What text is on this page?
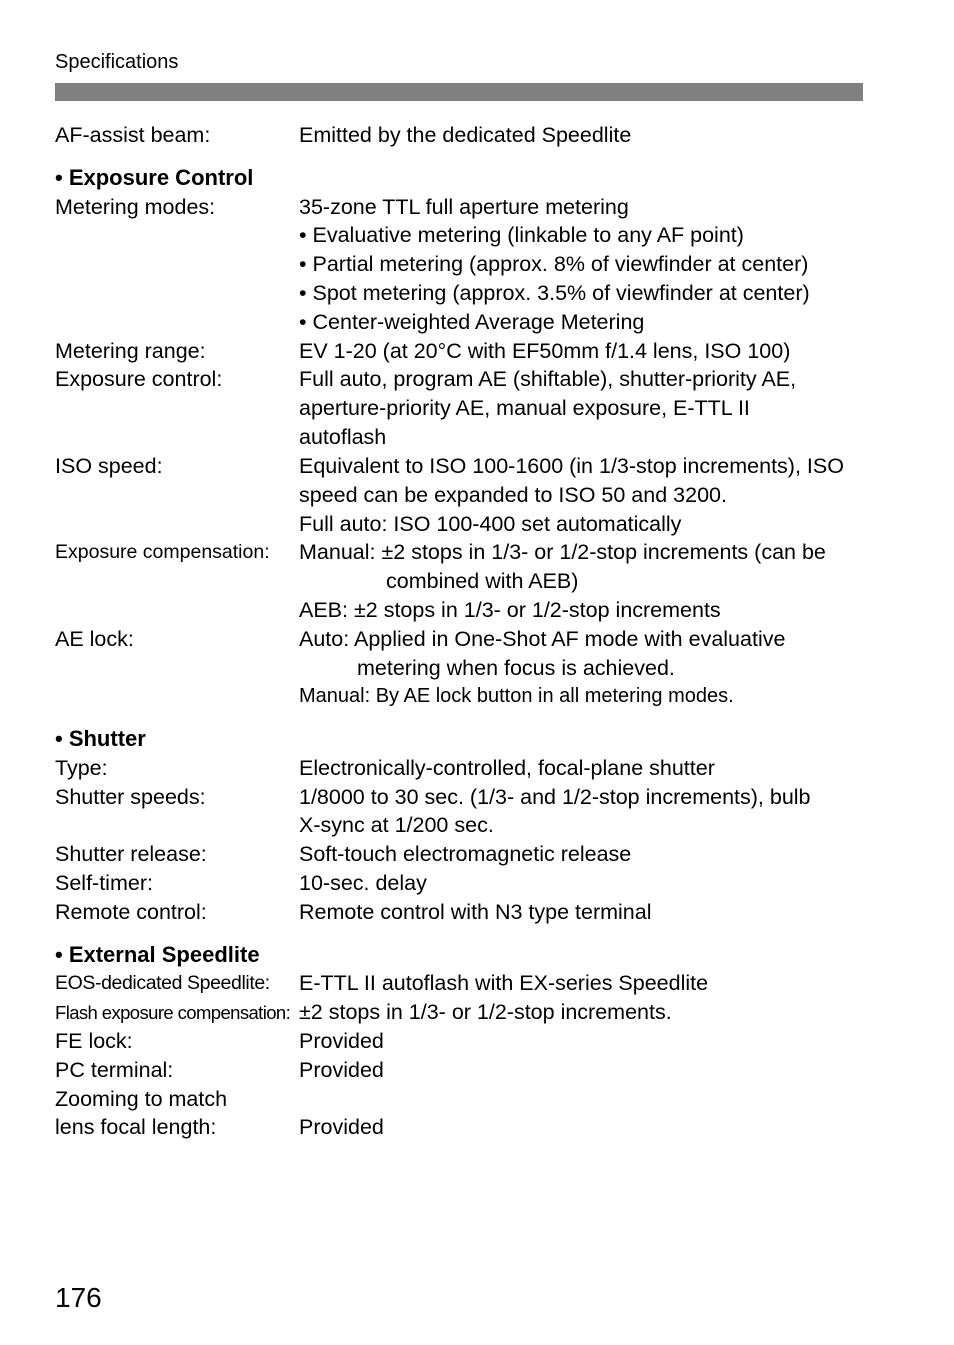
Specifications
AF-assist beam:	Emitted by the dedicated Speedlite
• Exposure Control
Metering modes:	35-zone TTL full aperture metering
• Evaluative metering (linkable to any AF point)
• Partial metering (approx. 8% of viewfinder at center)
• Spot metering (approx. 3.5% of viewfinder at center)
• Center-weighted Average Metering
Metering range:	EV 1-20 (at 20°C with EF50mm f/1.4 lens, ISO 100)
Exposure control:	Full auto, program AE (shiftable), shutter-priority AE,
aperture-priority AE, manual exposure, E-TTL II
autoflash
ISO speed:	Equivalent to ISO 100-1600 (in 1/3-stop increments), ISO
speed can be expanded to ISO 50 and 3200.
Full auto: ISO 100-400 set automatically
Exposure compensation: Manual: ±2 stops in 1/3- or 1/2-stop increments (can be
combined with AEB)
AEB: ±2 stops in 1/3- or 1/2-stop increments
AE lock:	Auto: Applied in One-Shot AF mode with evaluative
metering when focus is achieved.
Manual: By AE lock button in all metering modes.
• Shutter
Type:	Electronically-controlled, focal-plane shutter
Shutter speeds:	1/8000 to 30 sec. (1/3- and 1/2-stop increments), bulb
X-sync at 1/200 sec.
Shutter release:	Soft-touch electromagnetic release
Self-timer:	10-sec. delay
Remote control:	Remote control with N3 type terminal
• External Speedlite
EOS-dedicated Speedlite: E-TTL II autoflash with EX-series Speedlite
Flash exposure compensation: ±2 stops in 1/3- or 1/2-stop increments.
FE lock:	Provided
PC terminal:	Provided
Zooming to match
lens focal length:	Provided
176
